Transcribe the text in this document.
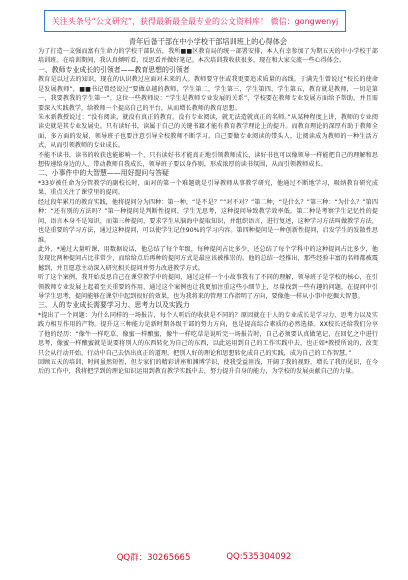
关注头条号“公文研究”，获得最新最全最专业的公文资料库！ 微信：gongwenyj
青年后备干部在中小学校干部培训班上的心得体会

为了打造一支强而富有生命力的学校干部队伍，我所■■区教育局的统一部署安排，本人有幸参加了为期五天的中小学校干部培训班。在培训期间，我认真倾听看、反思看并做好笔记。本次培训我收获很多，现在和大家交流一些心得体会。

一、教师专业成长的引领者——教育思想的引领者

教育是以过去的知识，现在的认识教过应面对未来的人。教师要守住或我更要追求质量的高线。于满先生曾说过“校长的使命是发展教师”，■■书记曾经说过“要做卓越的教师，学生第二，学生第三，学生第四、学生第五，教育就是教师，一切是第一，我要教我的学生第一”，这位一些教师说：“学生是教师专业发展的关系”，学校要在教师专业发展方面给予帮助，并且需要深入实践教学，给教师一个提高自己的平台，从而增长教师的教育思想。

朱永新教授说过：“没有阅读，就没有真正的教育。没有专业阅读，就无法造就真正的名师。”从某种程度上讲，教师的专业阅读史就是其专业发展史。只有读好书，读属于自己的关键书籍才能有教育教学理论上的提升。而教育理论的深厚有助于教师全面、多方面的发展，领导班子也要注意引导全校教师不断学习，自己要做专业阅读的带头人，让阅读成为教师的一种生活方式，从而引领教师的专业成长。

不能不读书，读书的收获也能影响一个，只有读好书才能真正地引领教师成长，读好书也可以像领导一样能把自己的理解和思想传递给身边的人，带动教师自我成长，领导班子要以身作则，形成浓厚的读书氛围，从而引领教师成长。

二、小事件中的大智慧——用好提问与答疑

*33岁被任命为分管教学的副校长时，面对的第一个难题就是引导教师从事教学研究，他通过不断地学习，吸纳教育研究成果，重点关注了课堂里的提问。

经过段年累月的教育实践，他将提问分为四种：第一种，“是不是？”“对不对？”第二种，“是什么？”第三种：“为什么？”第四种：“还有别的方法吗？”第一种提问是判断性提问，学生无思考，这种提问导致教学效率低。第二种是考察学生记忆性的提问，语言本身不是知识，而第三种提问，要求学生从脑海中提取知识，并组织语言，进行复述，这种学习方法叫做教学方法，也是重要的学习方法，通过这种提问，可以使学生记住90%的学习内容。第四种提问是一种创新性提问，启发学生的发散性思维。

此外，*通过大量听课，用数据说话，他总结了每个年级，每种提问占比多少，还总结了每个学科中的这种提问占比多少，他发现比两种提问占比非常少，而给给点后再种的提问方式是最应该被推崇的。他的总结一经推出，那些经验丰富的名师都被震撼到，并且愿意主动深入研究相关提问并努力改进教学方式。

听了这个案例，我开始反思自己在课堂教学中的提问，通过这样一个小故事我有了不同的理解，领导班子是学校的核心，在引领教师专业发展上起着至关重要的作用，通过这个案例也让我更加注重这些小细节上，尽量找到一些有趣的问题，在提问中引导学生思考，提问能够在课堂中起到很好的效果，也为我将来的管理工作指明了方向，要像他一样从小事中挖掘大智慧。

三、人的专业成长需要学习力、思考力以及实践力

*提出了一个问题：为什么同样的一场报告，每个人听后的收获是不同的？原因就在于人的专业成长是学习力、思考力以及实践力相互作用的产物。提升这三种能力是新时期各级干部的努力方向，也是提高综合素质的必然选择。XX校长还给我们分享了他的经历：“像牛一样吃草，像蜜一样酿蜜，像牛一样吃草是说听完一场报告时，自己必须要认真做笔记，在回忆之中进行思考，像蜜一样酿蜜就是说要将别人的东西转化为自己的东西，以此运用到自己的工作实践中去，也正如*教授所说的，改变只会从行动开始，行动中自己去悟出真正的道理，把别人好的理论和思想转化成自己的实践，成为自己的工作智慧。”

回顾五天的培训，时间虽然短暂，但专家们的精彩讲座和渊博学识，使我受益匪浅，开阔了我的视野，增长了我的见识，在今后的工作中，我将把学到的理论知识运用到教育教学实践中去，努力提升自身的能力，为学校的发展贡献自己的力量。

QQ群：30265665	QQ:535304092
